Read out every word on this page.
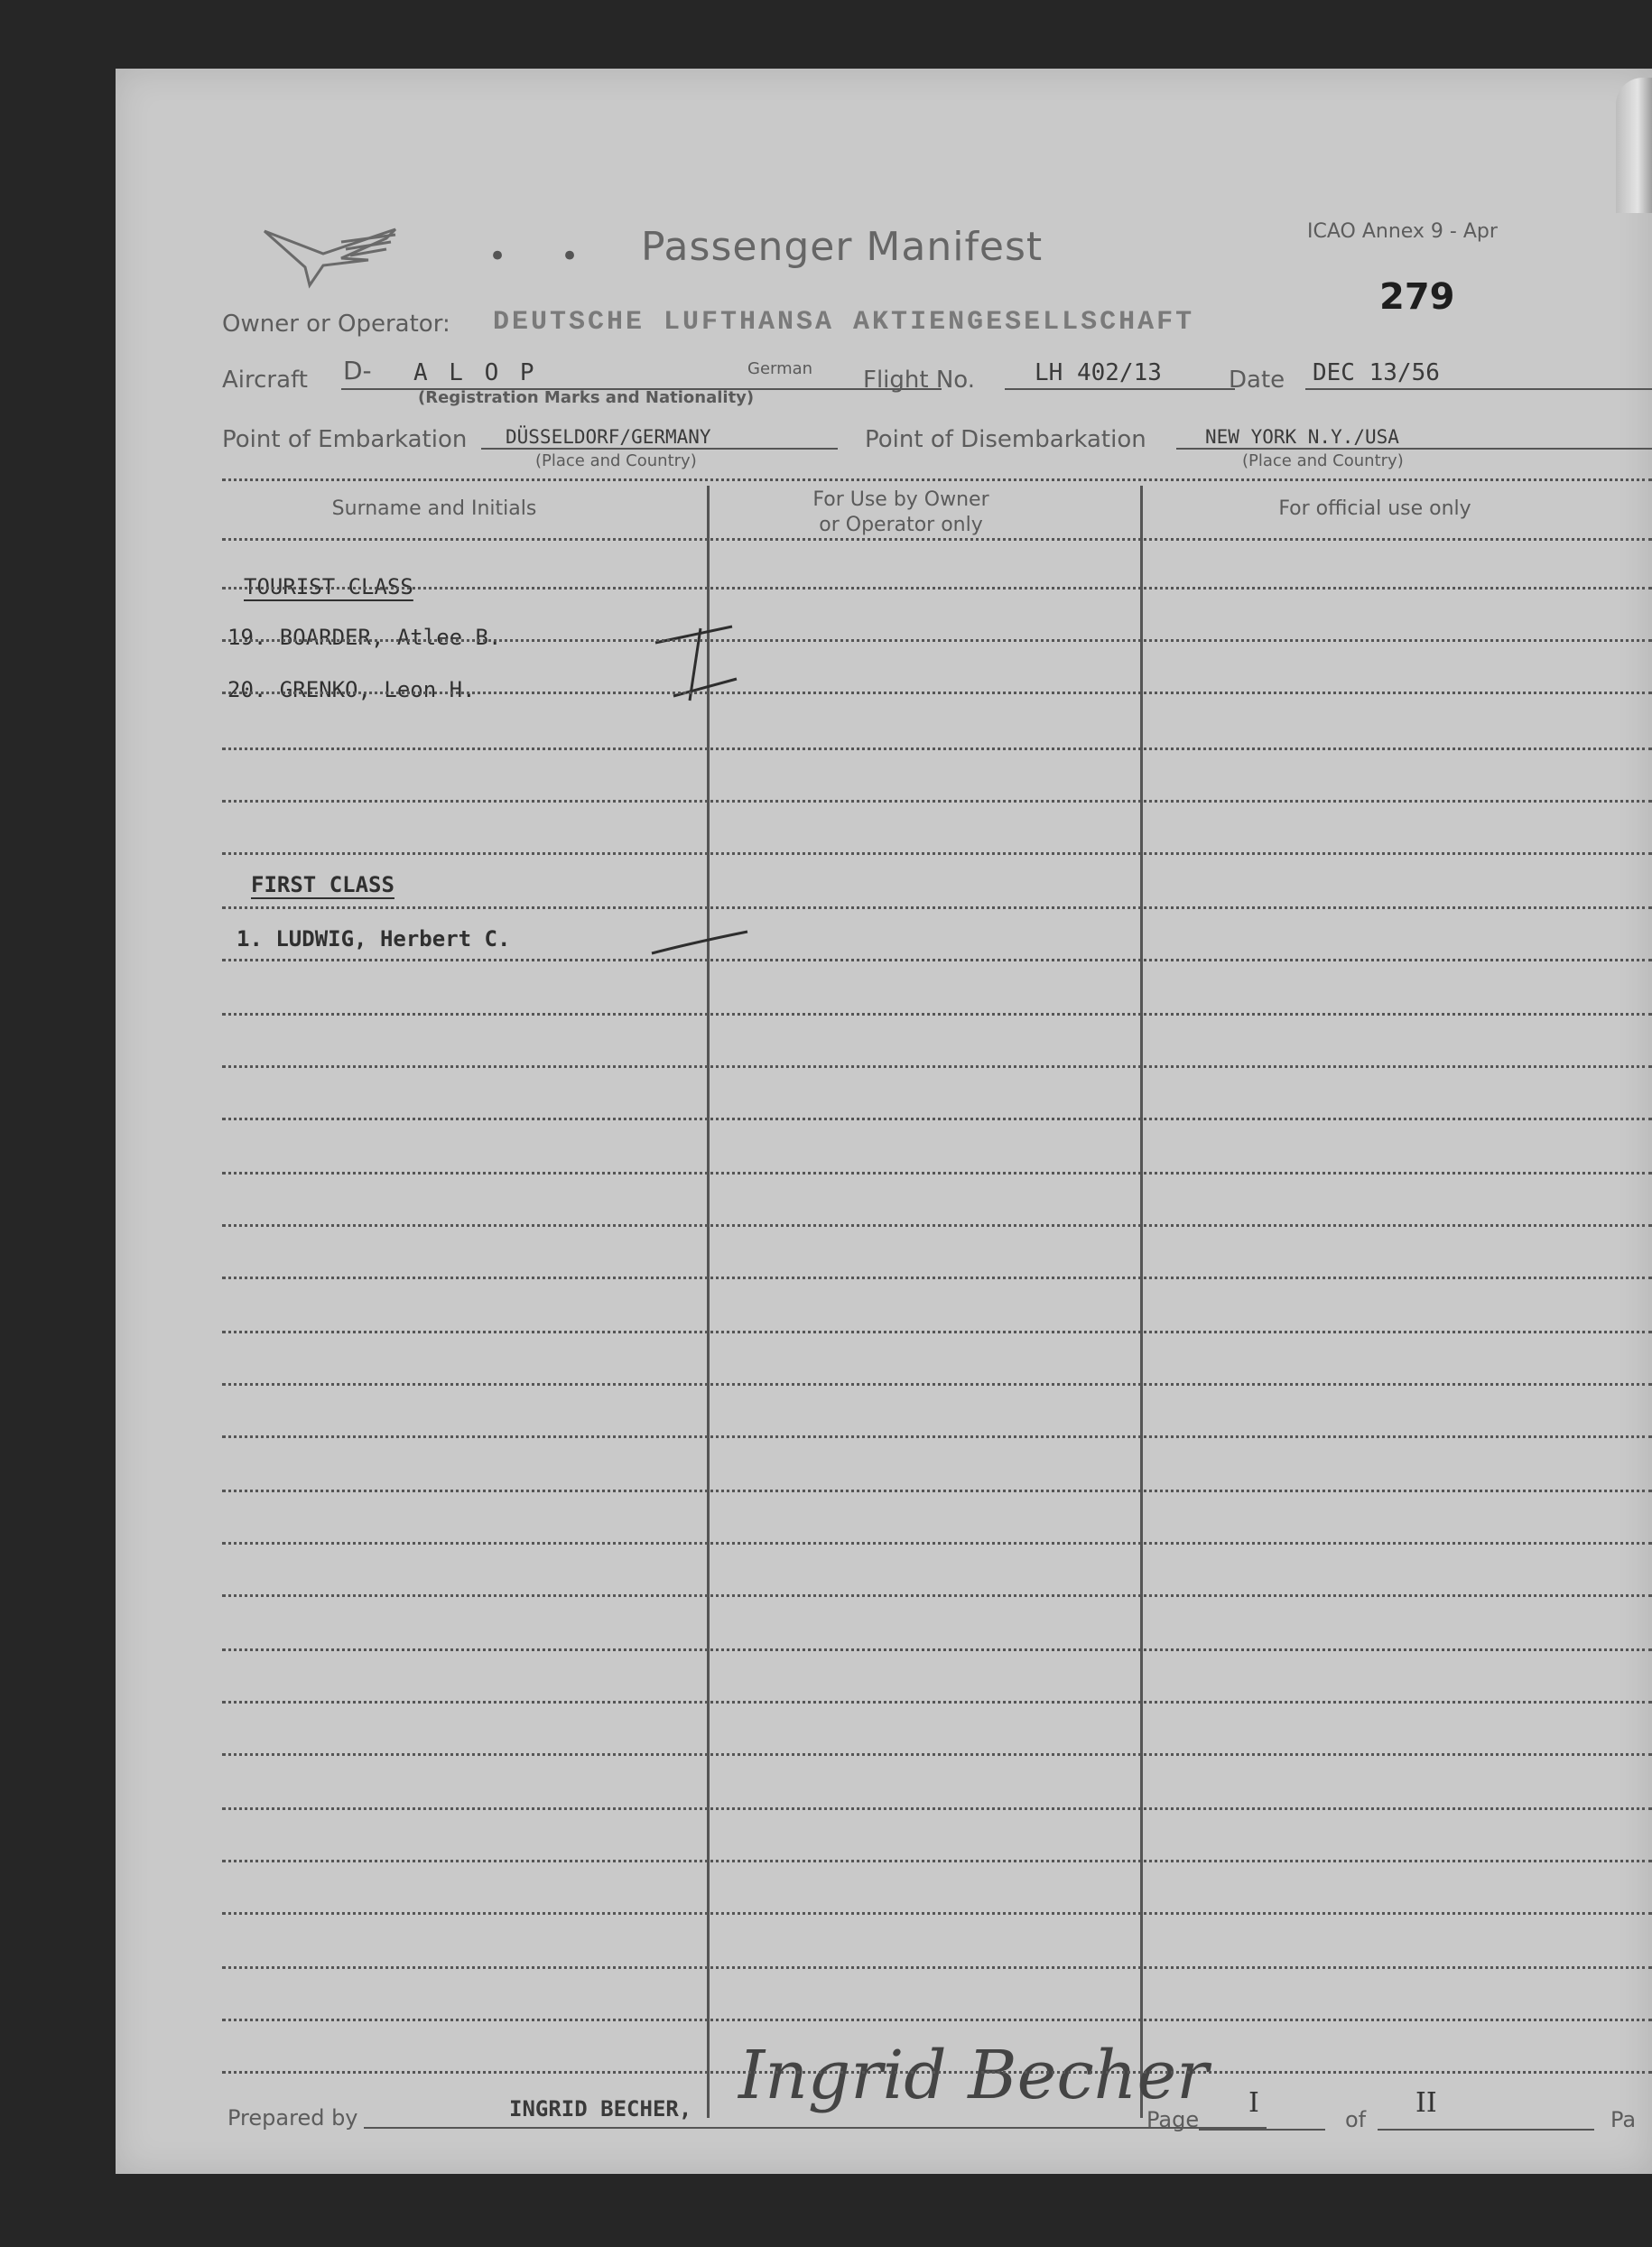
• • Passenger Manifest	ICAO Annex 9 - Apr
279
Owner or Operator: DEUTSCHE LUFTHANSA AKTIENGESELLSCHAFT
Aircraft D- A L O P	German
(Registration Marks and Nationality)
Flight No.	LH 402/13	Date DEC 13/56
Point of Embarkation DÜSSELDORF/GERMANY
(Place and Country)
Point of Disembarkation	NEW YORK N.Y./USA
(Place and Country)
Surname and Initials	For Use by Owner
or Operator only
For official use only
TOURIST CLASS
19. BOARDER, Atlee B.
20. GRENKO, Leon H.
FIRST CLASS
1. LUDWIG, Herbert C.
Prepared by	INGRID BECHER, Ingrid Becher
Page
I
of
II
Pa
